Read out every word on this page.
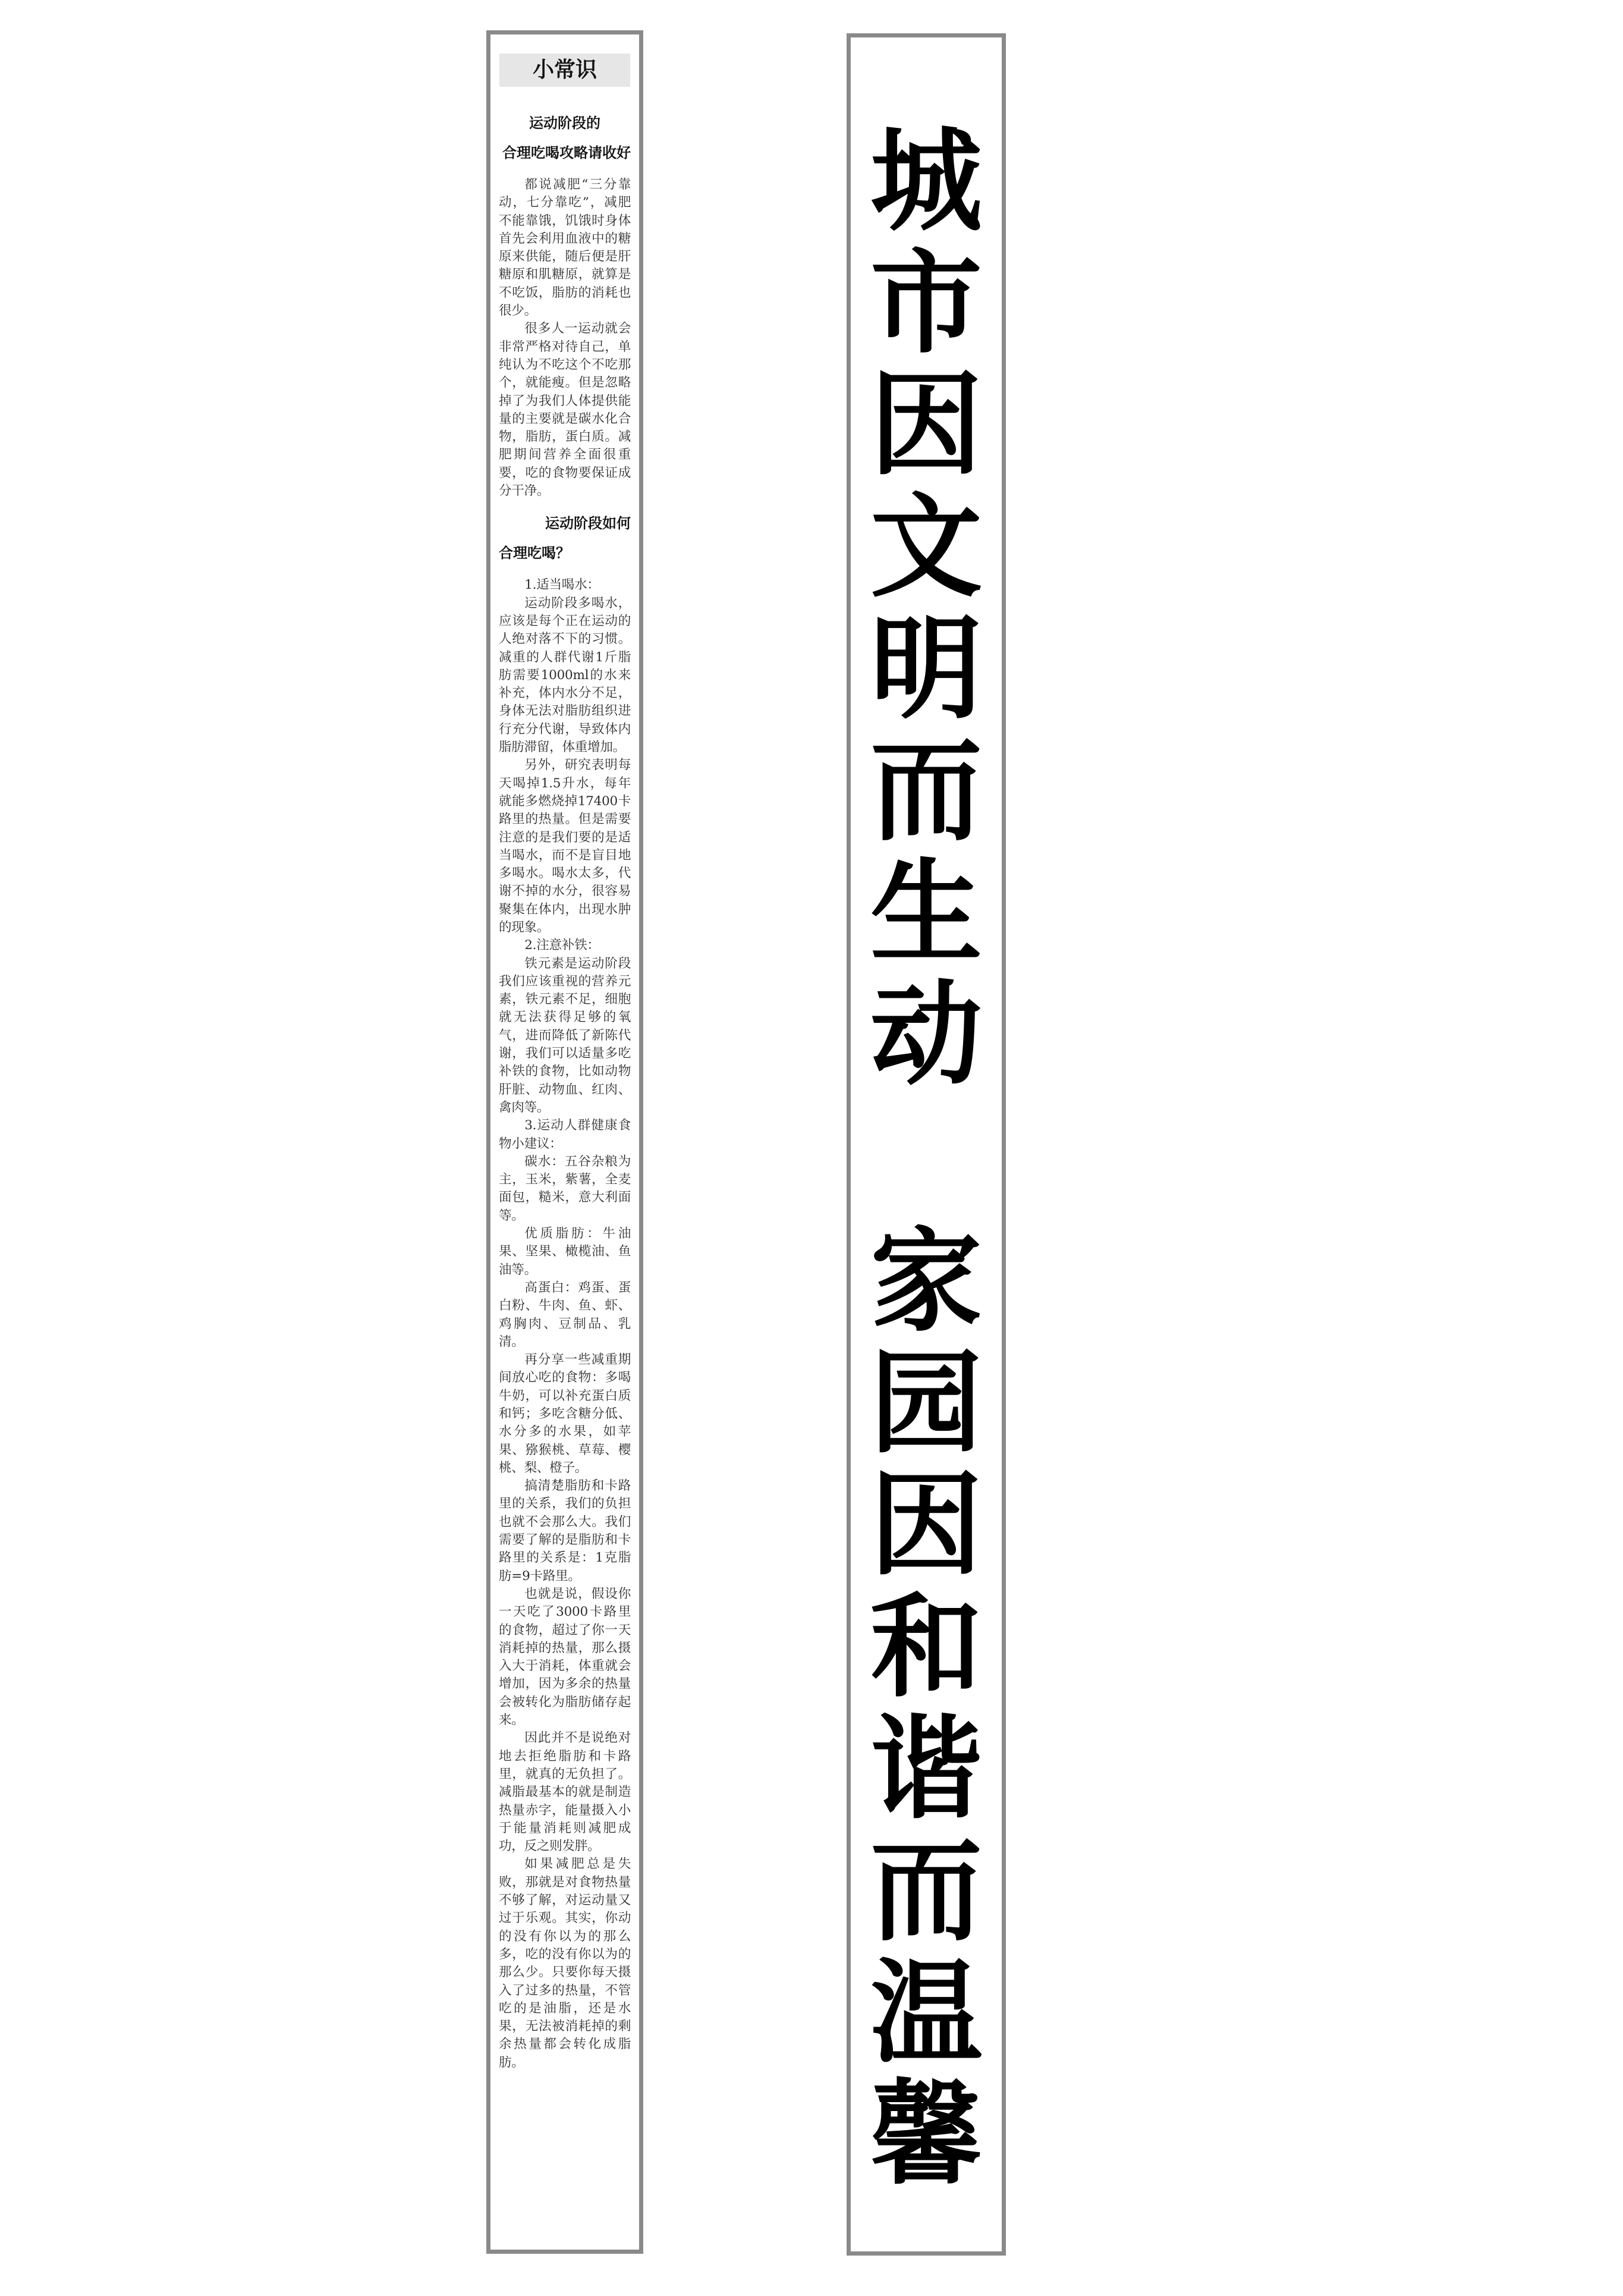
小常识
运动阶段的
合理吃喝攻略请收好

都说减肥“三分靠动，七分靠吃”，减肥不能靠饿，饥饿时身体首先会利用血液中的糖原来供能，随后便是肝糖原和肌糖原，就算是不吃饭，脂肪的消耗也很少。

很多人一运动就会非常严格对待自己，单纯认为不吃这个不吃那个，就能瘦。但是忽略掉了为我们人体提供能量的主要就是碳水化合物，脂肪，蛋白质。减肥期间营养全面很重要，吃的食物要保证成分干净。

运动阶段如何
合理吃喝？

1.适当喝水：

运动阶段多喝水，应该是每个正在运动的人绝对落不下的习惯。减重的人群代谢1斤脂肪需要1000ml的水来补充，体内水分不足，身体无法对脂肪组织进行充分代谢，导致体内脂肪滞留，体重增加。

另外，研究表明每天喝掉1.5升水，每年就能多燃烧掉17400卡路里的热量。但是需要注意的是我们要的是适当喝水，而不是盲目地多喝水。喝水太多，代谢不掉的水分，很容易聚集在体内，出现水肿的现象。

2.注意补铁：

铁元素是运动阶段我们应该重视的营养元素，铁元素不足，细胞就无法获得足够的氧气，进而降低了新陈代谢，我们可以适量多吃补铁的食物，比如动物肝脏、动物血、红肉、禽肉等。

3.运动人群健康食物小建议：

碳水：五谷杂粮为主，玉米，紫薯，全麦面包，糙米，意大利面等。

优质脂肪：牛油果、坚果、橄榄油、鱼油等。

高蛋白：鸡蛋、蛋白粉、牛肉、鱼、虾、鸡胸肉、豆制品、乳清。

再分享一些减重期间放心吃的食物：多喝牛奶，可以补充蛋白质和钙；多吃含糖分低、水分多的水果，如苹果、猕猴桃、草莓、樱桃、梨、橙子。

搞清楚脂肪和卡路里的关系，我们的负担也就不会那么大。我们需要了解的是脂肪和卡路里的关系是：1克脂肪=9卡路里。

也就是说，假设你一天吃了3000卡路里的食物，超过了你一天消耗掉的热量，那么摄入大于消耗，体重就会增加，因为多余的热量会被转化为脂肪储存起来。

因此并不是说绝对地去拒绝脂肪和卡路里，就真的无负担了。减脂最基本的就是制造热量赤字，能量摄入小于能量消耗则减肥成功，反之则发胖。

如果减肥总是失败，那就是对食物热量不够了解，对运动量又过于乐观。其实，你动的没有你以为的那么多，吃的没有你以为的那么少。只要你每天摄入了过多的热量，不管吃的是油脂，还是水果，无法被消耗掉的剩余热量都会转化成脂肪。

城
市
因
文
明
而
生
动
家
园
因
和
谐
而
温
馨
